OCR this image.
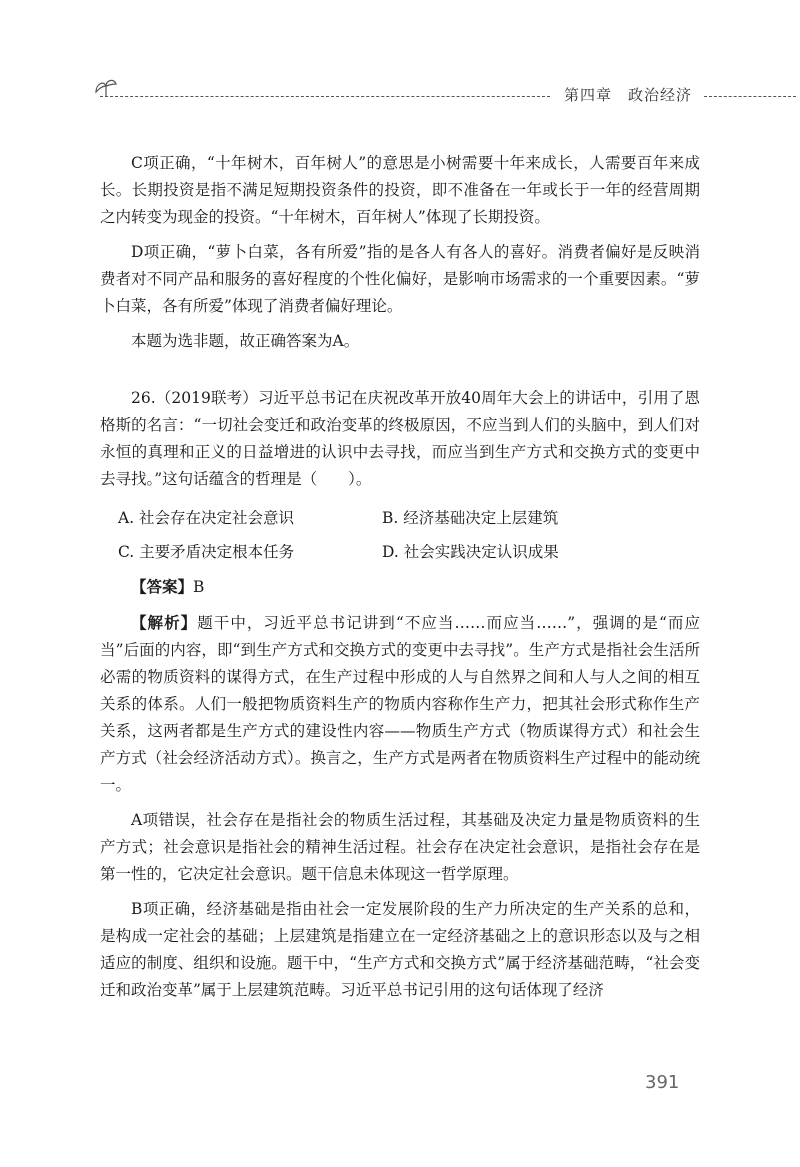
第四章　政治经济

C项正确，“十年树木，百年树人”的意思是小树需要十年来成长，人需要百年来成长。长期投资是指不满足短期投资条件的投资，即不准备在一年或长于一年的经营周期之内转变为现金的投资。“十年树木，百年树人”体现了长期投资。

D项正确，“萝卜白菜，各有所爱”指的是各人有各人的喜好。消费者偏好是反映消费者对不同产品和服务的喜好程度的个性化偏好，是影响市场需求的一个重要因素。“萝卜白菜，各有所爱”体现了消费者偏好理论。

本题为选非题，故正确答案为A。

26.（2019联考）习近平总书记在庆祝改革开放40周年大会上的讲话中，引用了恩格斯的名言：“一切社会变迁和政治变革的终极原因，不应当到人们的头脑中，到人们对永恒的真理和正义的日益增进的认识中去寻找，而应当到生产方式和交换方式的变更中去寻找。”这句话蕴含的哲理是（　　）。

A. 社会存在决定社会意识	B. 经济基础决定上层建筑
C. 主要矛盾决定根本任务	D. 社会实践决定认识成果

【答案】B

【解析】题干中，习近平总书记讲到“不应当……而应当……”，强调的是“而应当”后面的内容，即“到生产方式和交换方式的变更中去寻找”。生产方式是指社会生活所必需的物质资料的谋得方式，在生产过程中形成的人与自然界之间和人与人之间的相互关系的体系。人们一般把物质资料生产的物质内容称作生产力，把其社会形式称作生产关系，这两者都是生产方式的建设性内容——物质生产方式（物质谋得方式）和社会生产方式（社会经济活动方式）。换言之，生产方式是两者在物质资料生产过程中的能动统一。

A项错误，社会存在是指社会的物质生活过程，其基础及决定力量是物质资料的生产方式；社会意识是指社会的精神生活过程。社会存在决定社会意识，是指社会存在是第一性的，它决定社会意识。题干信息未体现这一哲学原理。

B项正确，经济基础是指由社会一定发展阶段的生产力所决定的生产关系的总和，是构成一定社会的基础；上层建筑是指建立在一定经济基础之上的意识形态以及与之相适应的制度、组织和设施。题干中，“生产方式和交换方式”属于经济基础范畴，“社会变迁和政治变革”属于上层建筑范畴。习近平总书记引用的这句话体现了经济

391
